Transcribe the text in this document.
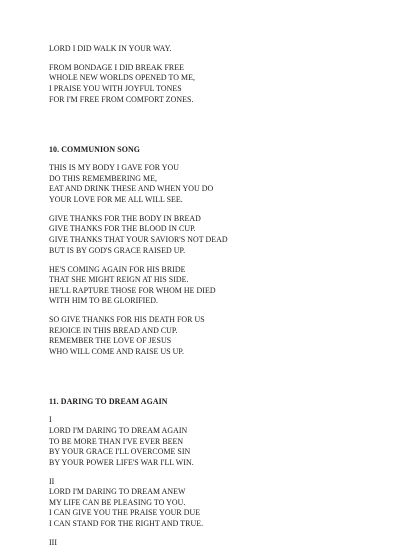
LORD I DID WALK IN YOUR WAY.
FROM BONDAGE I DID BREAK FREE
WHOLE NEW WORLDS OPENED TO ME,
I PRAISE YOU WITH JOYFUL TONES
FOR I'M FREE FROM COMFORT ZONES.
10. COMMUNION SONG
THIS IS MY BODY I GAVE FOR YOU
DO THIS REMEMBERING ME,
EAT AND DRINK THESE AND WHEN YOU DO
YOUR LOVE FOR ME ALL WILL SEE.
GIVE THANKS FOR THE BODY IN BREAD
GIVE THANKS FOR THE BLOOD IN CUP.
GIVE THANKS THAT YOUR SAVIOR'S NOT DEAD
BUT IS BY GOD'S GRACE RAISED UP.
HE'S COMING AGAIN FOR HIS BRIDE
THAT SHE MIGHT REIGN AT HIS SIDE.
HE'LL RAPTURE THOSE FOR WHOM HE DIED
WITH HIM TO BE GLORIFIED.
SO GIVE THANKS FOR HIS DEATH FOR US
REJOICE IN THIS BREAD AND CUP.
REMEMBER THE LOVE OF JESUS
WHO WILL COME AND RAISE US UP.
11. DARING TO DREAM AGAIN
I
LORD I'M DARING TO DREAM AGAIN
TO BE MORE THAN I'VE EVER BEEN
BY YOUR GRACE I'LL OVERCOME SIN
BY YOUR POWER LIFE'S WAR I'LL WIN.
II
LORD I'M DARING TO DREAM ANEW
MY LIFE CAN BE PLEASING TO YOU.
I CAN GIVE YOU THE PRAISE YOUR DUE
I CAN STAND FOR THE RIGHT AND TRUE.
III
